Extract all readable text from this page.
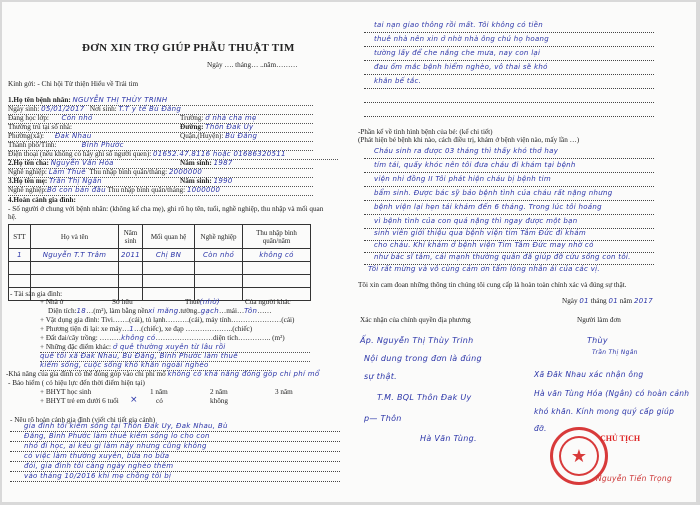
ĐƠN XIN TRỢ GIÚP PHẪU THUẬT TIM
Ngày …. tháng… ..năm………
Kính gởi: - Chi hội Từ thiện Hiểu về Trái tim
1.Họ tên bệnh nhân: NGUYỄN THỊ THÙY TRINH
Ngày sinh: 05/01/2017 Nơi sinh: T.T y tế Bù Đăng
Đang học lớp: Còn nhỏ	Trường: ở nhà cha mẹ
Thường trú tại số nhà:	Đường: Thôn Đak Uy
Phường(xã): Đak Nhau	Quận,(Huyện): Bù Đăng
Thành phố/Tỉnh:	Bình Phước
Điện thoại (nếu không có hãy ghi số người quen): 01652.47.8116 hoặc 01686320511
2.Họ tên cha: Nguyễn Văn Hóa	Năm sinh: 1987
Nghề nghiệp: Làm Thuê Thu nhập bình quân/tháng: 2000000
3.Họ tên mẹ: Trần Thị Ngân	Năm sinh: 1990
Nghề nghiệp:Bỏ con bán đầu Thu nhập bình quân/tháng: 1000000
4.Hoàn cảnh gia đình:
- Số người ở chung với bệnh nhân: (không kể cha mẹ), ghi rõ họ tên, tuổi, nghề nghiệp, thu nhập và mối quan hệ.
STT	Họ và tên	Năm sinh	Mối quan hệ	Nghề nghiệp	Thu nhập bình quân/năm
1	Nguyễn T.T Trâm	2011	Chị BN	Còn nhỏ	không có

- Tài sản gia đình:
+ Nhà ở	Sở hữu	Thuê(nhờ)	Của người khác
Diện tích:18…(m²), làm bằng nềnxi măng.tường..gạch…mái…Tôn……
+ Vật dụng gia đình: Tivi…….(cái), tủ lạnh……….(cái), máy tính…………………(cái)
+ Phương tiện đi lại: xe máy…1…(chiếc), xe đạp ………………..(chiếc)
+ Đất đai/cây trồng: ………không có……………………diện tích………….. (m²)
+ Những đặc điểm khác: ở quê thường xuyên từ lâu rồi
quê tôi xã Đak Nhau, Bù Đăng, Bình Phước làm thuê
kiếm sống, cuộc sống khó khăn ngoài nghèo
-Khả năng của gia đình có thể đóng góp vào chi phí mổ không có khả năng đóng góp chi phí mổ
- Bảo hiểm ( có hiệu lực đến thời điểm hiện tại)
+ BHYT học sinh	1 năm	2 năm	3 năm
+ BHYT trẻ em dưới 6 tuổi ×	có	không
- Nêu rõ hoàn cảnh gia đình (viết chi tiết gia cảnh)
gia đình tôi kiếm sống tại Thôn Đak Uy, Đak Nhau, Bù
Đăng, Bình Phước làm thuê kiếm sống lo cho con
nhỏ đi học, ai kêu gì làm nấy nhưng cũng không
có việc làm thường xuyên, bữa no bữa
đói, gia đình tôi càng ngày nghèo thêm
vào tháng 10/2016 khi mẹ chồng tôi bị
tai nạn giao thông rồi mất. Tôi không có tiền
thuê nhà nên xin ở nhờ nhà ông chú họ hoang
tường lấy để che nắng che mưa, nay con lại
đau ốm mắc bệnh hiểm nghèo, vô thai sẽ khó
khăn bế tắc.
-Phần kể về tình hình bệnh của bé: (kể chi tiết)
(Phát hiện bé bệnh khi nào, cách điều trị, khám ở bệnh viện nào, mấy lần …)
Cháu sinh ra được 03 tháng thì thấy khó thở hay
tím tái, quấy khóc nên tôi đưa cháu đi khám tại bệnh
viện nhi đồng II Tôi phát hiện cháu bị bệnh tim
bẩm sinh. Được bác sỹ bảo bệnh tình của cháu rất nặng nhưng
bệnh viện lại hẹn tái khám đến 6 tháng. Trong lúc tôi hoảng
vì bệnh tình của con quá nặng thì ngay được một bạn
sinh viên giới thiệu qua bệnh viện tim Tâm Đức đi khám
cho cháu. Khi khám ở bệnh viện Tim Tâm Đức may nhờ có
như bác sĩ tâm, cái mạnh thường quân đã giúp đỡ cứu sống con tôi.
Tôi rất mừng và vô cùng cảm ơn tấm lòng nhân ái của các vị.
Tôi xin cam đoan những thông tin chúng tôi cung cấp là hoàn toàn chính xác và đúng sự thật.
Ngày 01 tháng 01 năm 2017
Xác nhận của chính quyền địa phương	Người làm đơn
Ấp. Nguyễn Thị Thùy Trinh
Nội dung trong đơn là đúng
sự thật.
T.M. BQL Thôn Đak Uy
p— Thôn
Hà Văn Tùng.
Thùy
Trần Thị Ngân
Xã Đăk Nhau xác nhận ông
Hà văn Tùng Hóa (Ngân) có hoàn cảnh
khó khăn. Kính mong quý cấp giúp
đỡ.
★
CHỦ TỊCH
Nguyễn Tiến Trọng
